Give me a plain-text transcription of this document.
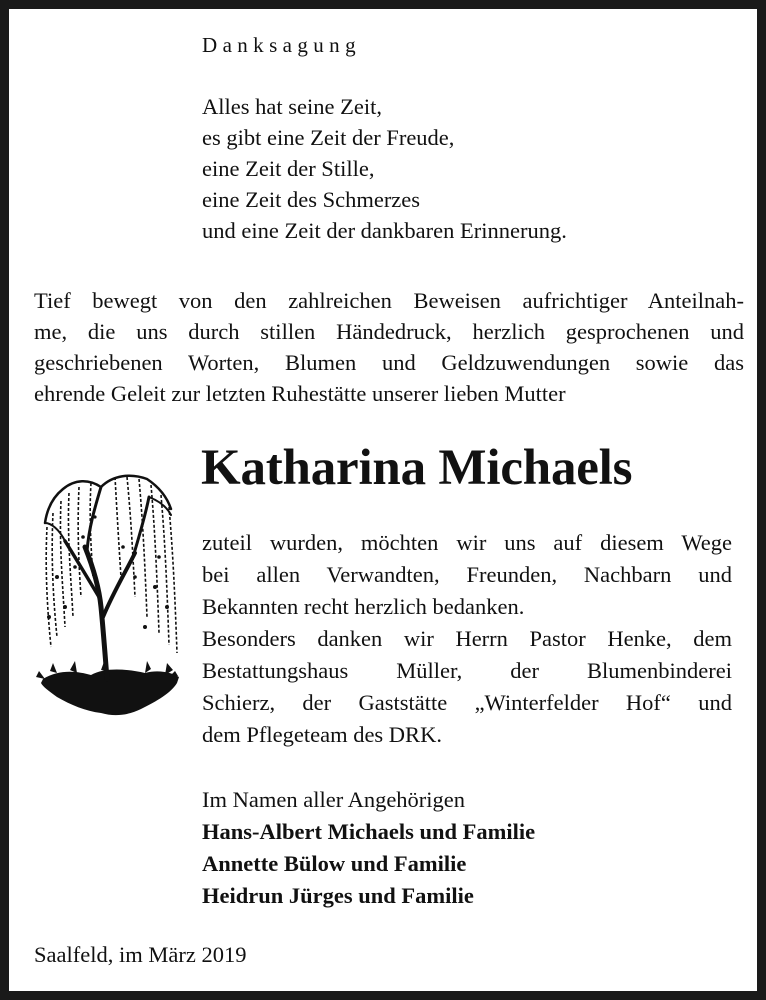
Danksagung
Alles hat seine Zeit,
es gibt eine Zeit der Freude,
eine Zeit der Stille,
eine Zeit des Schmerzes
und eine Zeit der dankbaren Erinnerung.
Tief bewegt von den zahlreichen Beweisen aufrichtiger Anteilnah-
me, die uns durch stillen Händedruck, herzlich gesprochenen und
geschriebenen Worten, Blumen und Geldzuwendungen sowie das
ehrende Geleit zur letzten Ruhestätte unserer lieben Mutter
Katharina Michaels
zuteil wurden, möchten wir uns auf diesem Wege
bei allen Verwandten, Freunden, Nachbarn und
Bekannten recht herzlich bedanken.
Besonders danken wir Herrn Pastor Henke, dem
Bestattungshaus Müller, der Blumenbinderei
Schierz, der Gaststätte „Winterfelder Hof“ und
dem Pflegeteam des DRK.
Im Namen aller Angehörigen
Hans-Albert Michaels und Familie
Annette Bülow und Familie
Heidrun Jürges und Familie
Saalfeld, im März 2019
